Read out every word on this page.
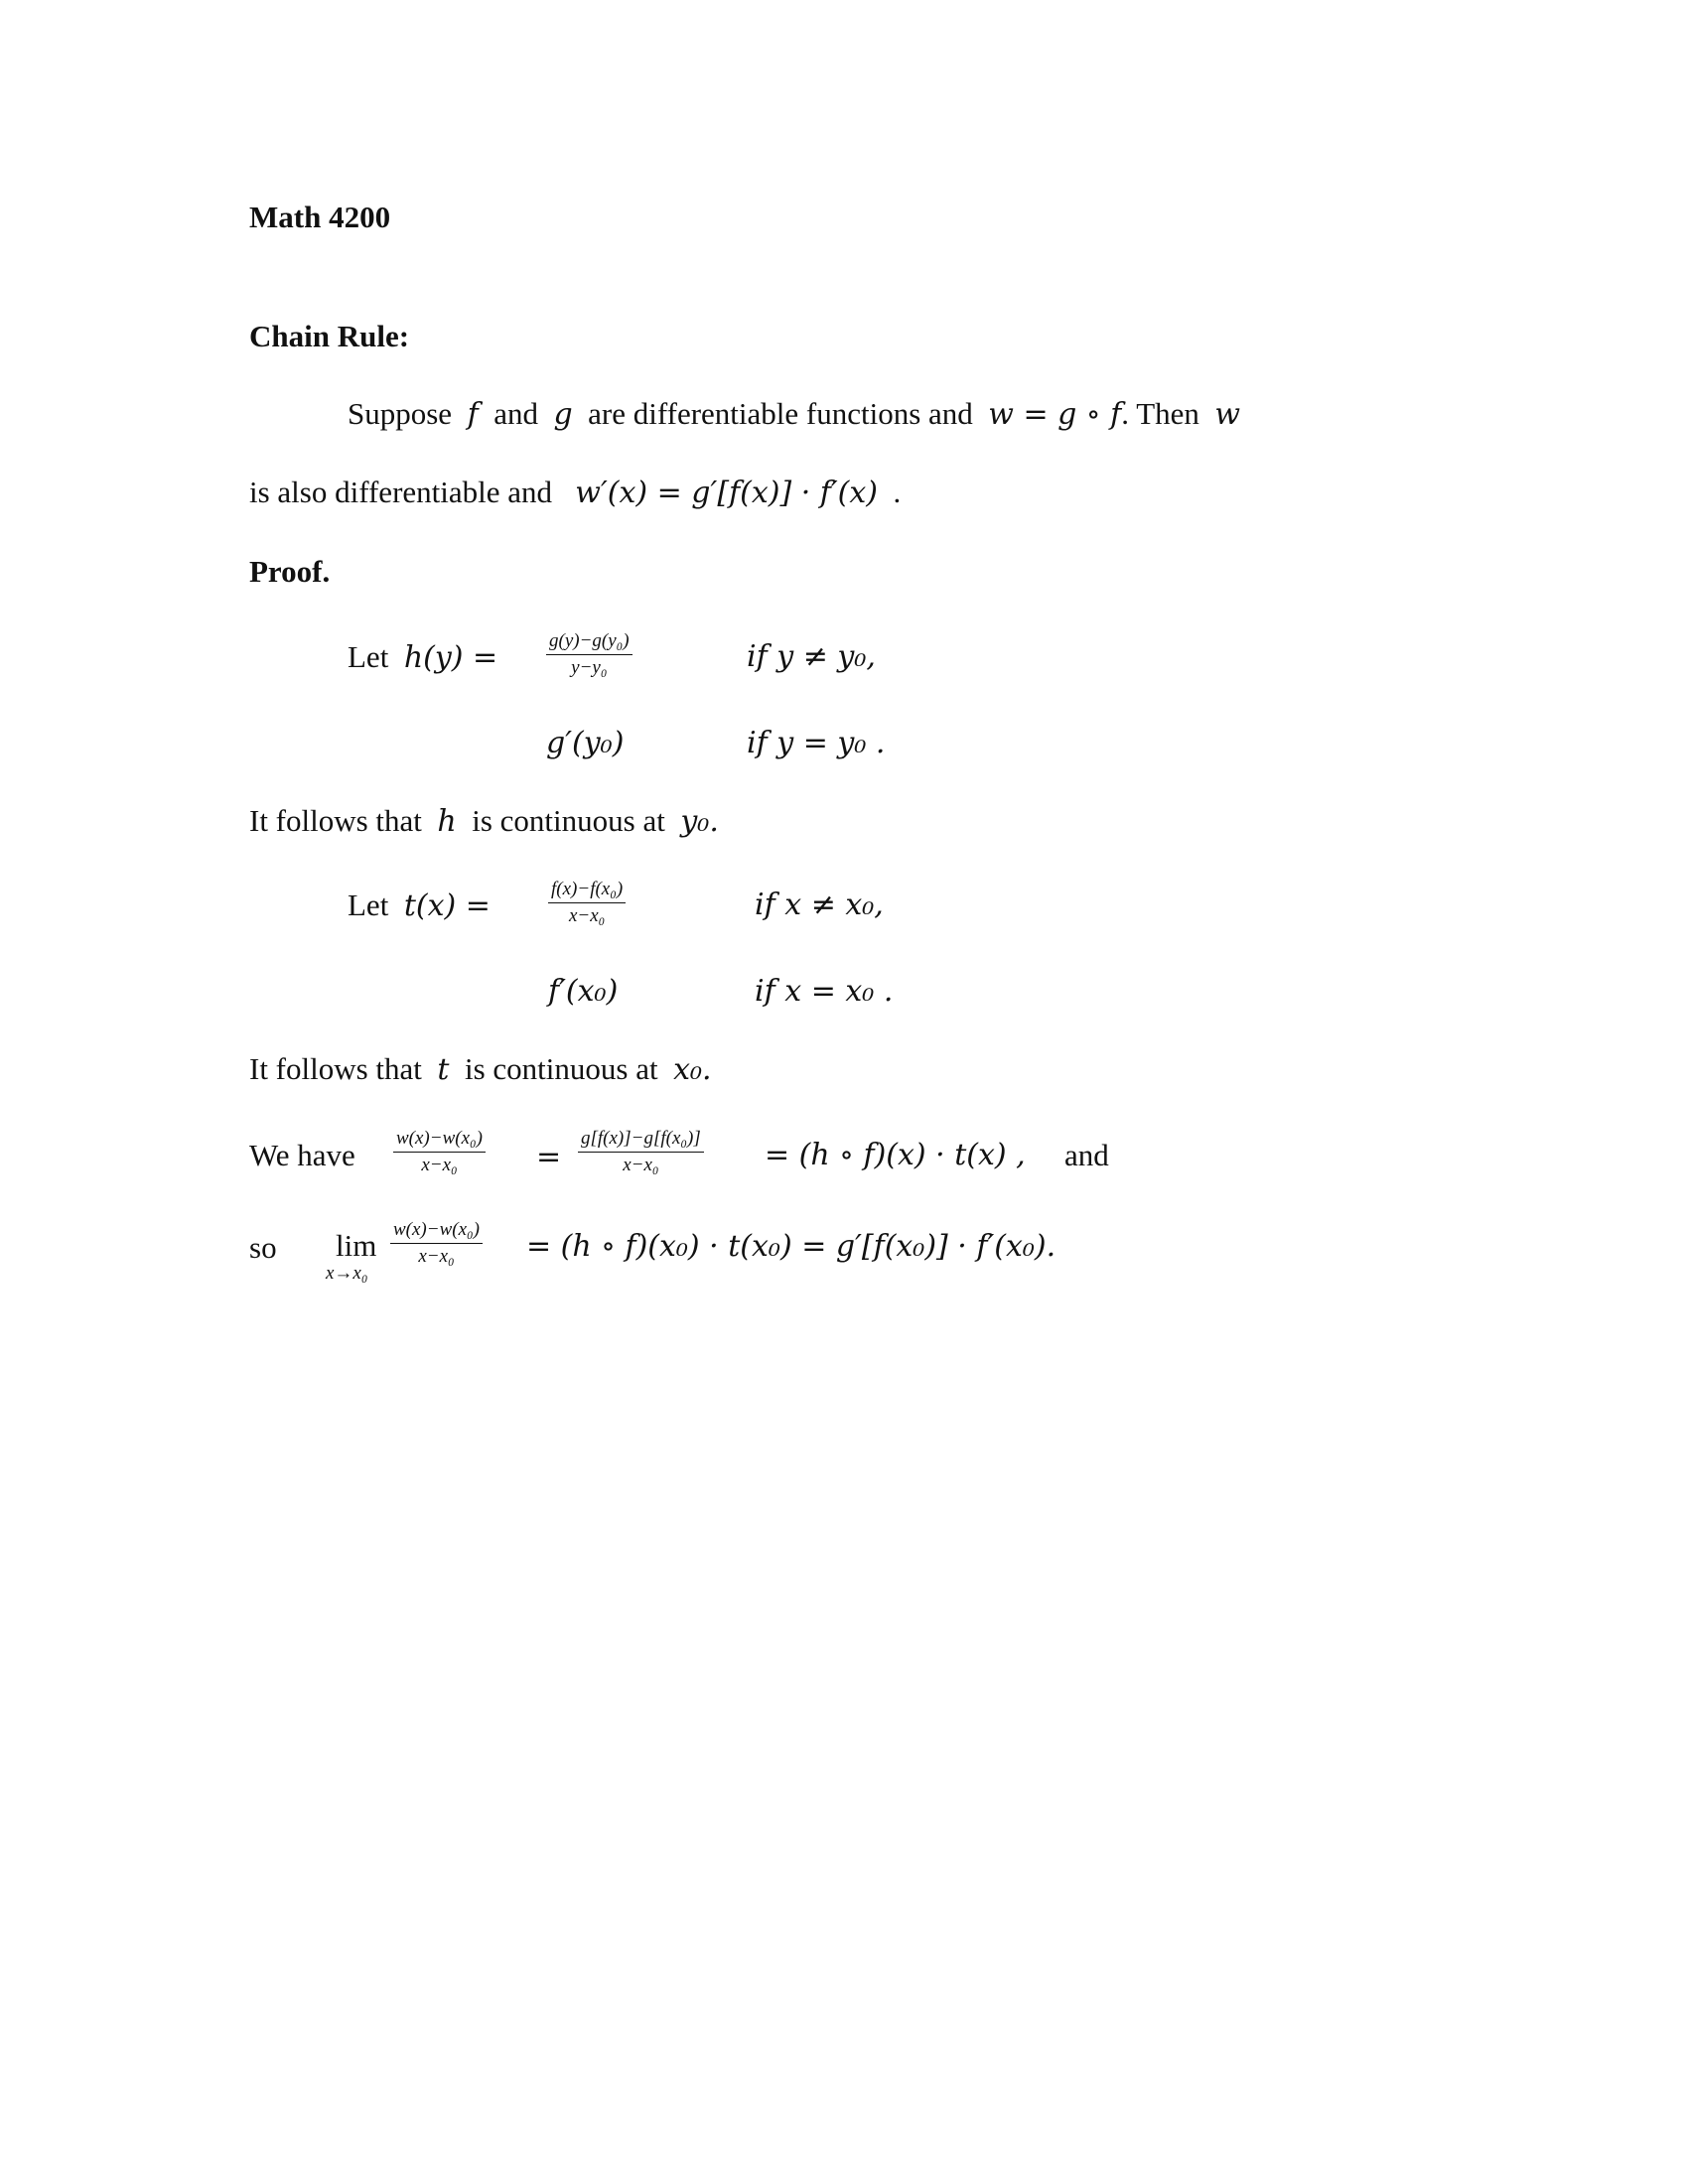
Math 4200
Chain Rule:
Suppose f and g are differentiable functions and w = g ∘ f. Then w
is also differentiable and w′(x) = g′[f(x)] · f′(x) .
Proof.
Let h(y) =	$\frac{\text{g(y)−g(y₀)}}{\text{y−y₀}}$	if y ≠ y₀,
g′(y₀)	if y = y₀ .
It follows that h is continuous at y₀.
Let t(x) =	$\frac{\text{f(x)−f(x₀)}}{\text{x−x₀}}$	if x ≠ x₀,
f′(x₀)	if x = x₀ .
It follows that t is continuous at x₀.
We have $\frac{\text{w(x)−w(x₀)}}{\text{x−x₀}} = \frac{\text{g[f(x)]−g[f(x₀)]}}{\text{x−x₀}} = (h$ ∘ f)(x) · t(x) , and
so lim
x→x₀
$\frac{\text{w(x)−w(x₀)}}{\text{x−x₀}} = (h$ ∘ f)(x₀) · t(x₀) = g′[f(x₀)] · f′(x₀).
